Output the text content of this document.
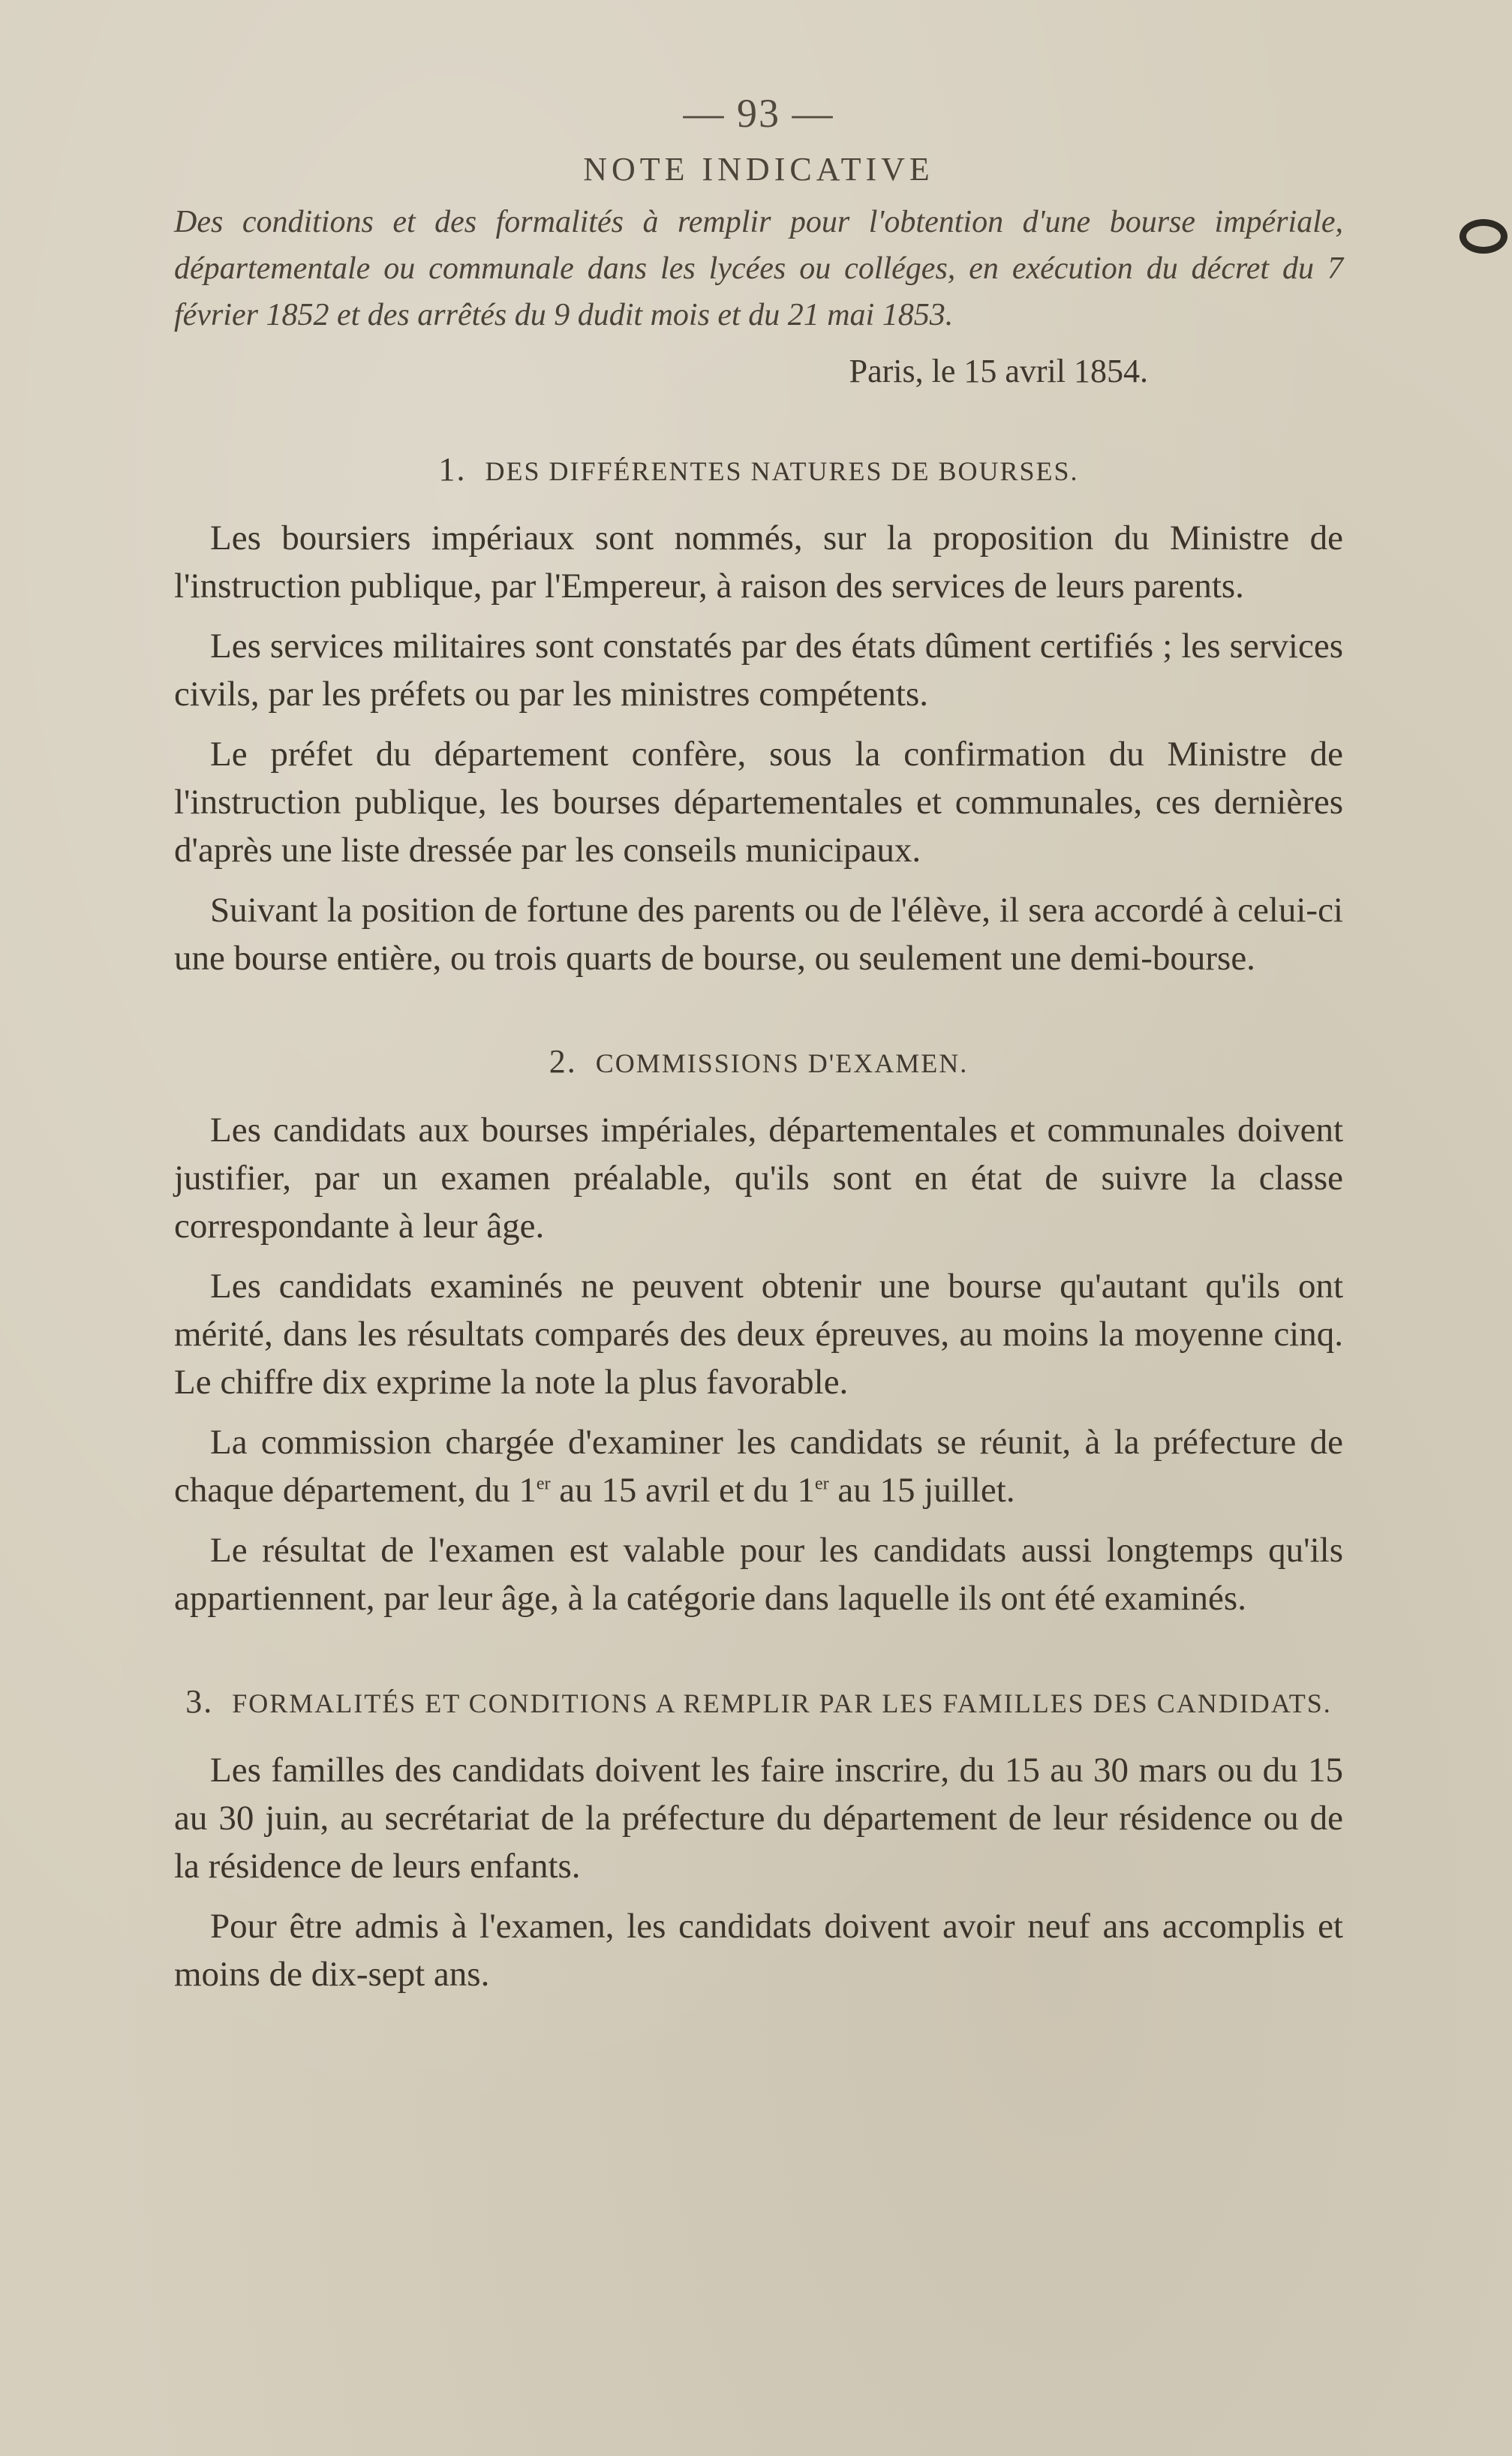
— 93 —
NOTE INDICATIVE

Des conditions et des formalités à remplir pour l'obtention d'une bourse impériale, départementale ou communale dans les lycées ou colléges, en exécution du décret du 7 février 1852 et des arrêtés du 9 dudit mois et du 21 mai 1853.

Paris, le 15 avril 1854.
1. DES DIFFÉRENTES NATURES DE BOURSES.

Les boursiers impériaux sont nommés, sur la proposition du Ministre de l'instruction publique, par l'Empereur, à raison des services de leurs parents.

Les services militaires sont constatés par des états dûment certifiés ; les services civils, par les préfets ou par les ministres compétents.

Le préfet du département confère, sous la confirmation du Ministre de l'instruction publique, les bourses départementales et communales, ces dernières d'après une liste dressée par les conseils municipaux.

Suivant la position de fortune des parents ou de l'élève, il sera accordé à celui-ci une bourse entière, ou trois quarts de bourse, ou seulement une demi-bourse.

2. COMMISSIONS D'EXAMEN.

Les candidats aux bourses impériales, départementales et communales doivent justifier, par un examen préalable, qu'ils sont en état de suivre la classe correspondante à leur âge.

Les candidats examinés ne peuvent obtenir une bourse qu'autant qu'ils ont mérité, dans les résultats comparés des deux épreuves, au moins la moyenne cinq. Le chiffre dix exprime la note la plus favorable.

La commission chargée d'examiner les candidats se réunit, à la préfecture de chaque département, du 1er au 15 avril et du 1er au 15 juillet.

Le résultat de l'examen est valable pour les candidats aussi longtemps qu'ils appartiennent, par leur âge, à la catégorie dans laquelle ils ont été examinés.

3. FORMALITÉS ET CONDITIONS A REMPLIR PAR LES FAMILLES DES CANDIDATS.

Les familles des candidats doivent les faire inscrire, du 15 au 30 mars ou du 15 au 30 juin, au secrétariat de la préfecture du département de leur résidence ou de la résidence de leurs enfants.

Pour être admis à l'examen, les candidats doivent avoir neuf ans accomplis et moins de dix-sept ans.
